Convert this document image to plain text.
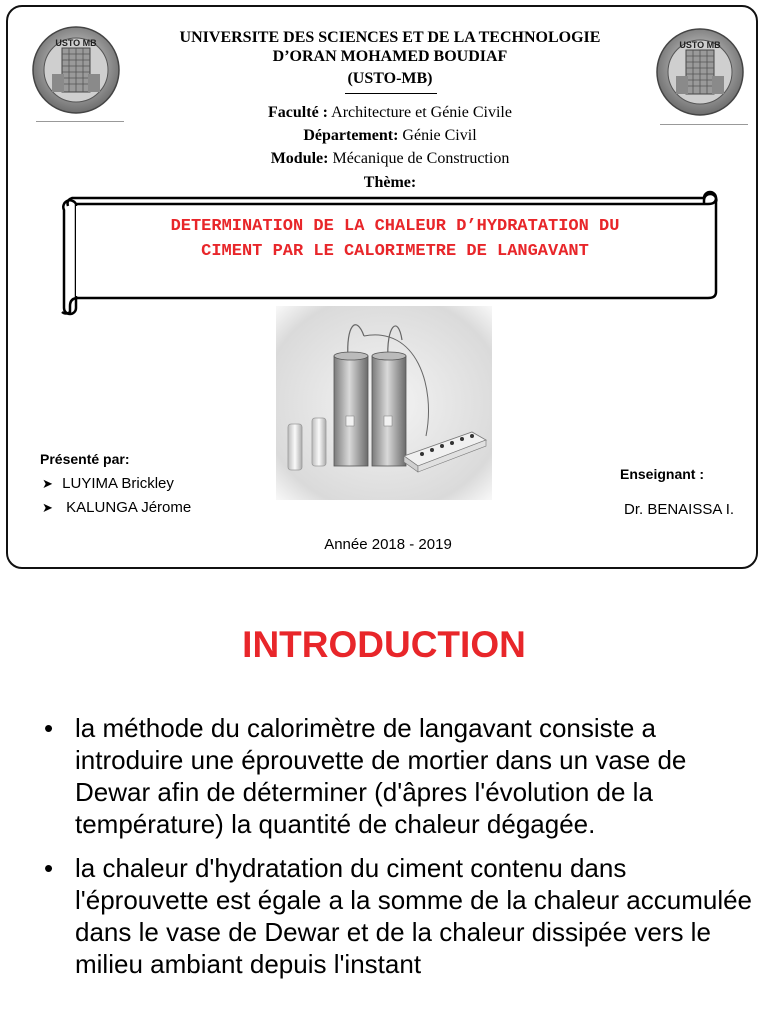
USTO MB	USTO MB
UNIVERSITE DES SCIENCES ET DE LA TECHNOLOGIE
D’ORAN MOHAMED BOUDIAF
(USTO-MB)
Faculté : Architecture et Génie Civile
Département: Génie Civil
Module: Mécanique de Construction
Thème:
DETERMINATION DE LA CHALEUR D’HYDRATATION DU
CIMENT PAR LE CALORIMETRE DE LANGAVANT
Présenté par:
➤ LUYIMA Brickley
➤ KALUNGA Jérome
Enseignant :
Dr. BENAISSA I.
Année 2018 - 2019
INTRODUCTION
• la méthode du calorimètre de langavant consiste a introduire une éprouvette de mortier dans un vase de Dewar afin de déterminer (d'âpres l'évolution de la température) la quantité de chaleur dégagée.
• la chaleur d'hydratation du ciment contenu dans l'éprouvette est égale a la somme de la chaleur accumulée dans le vase de Dewar et de la chaleur dissipée vers le milieu ambiant depuis l'instant
